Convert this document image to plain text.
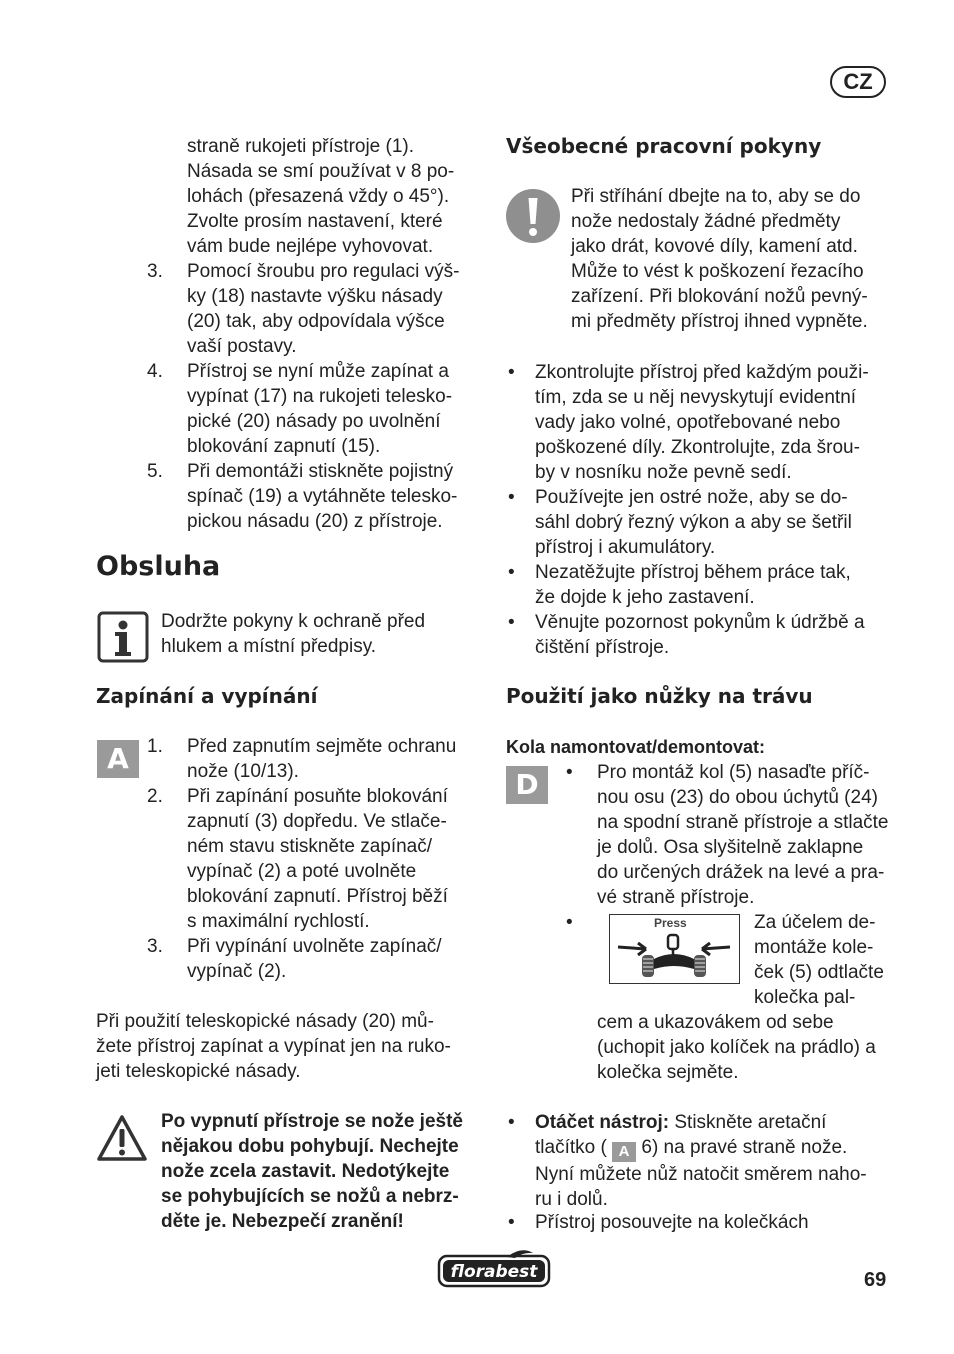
CZ
straně rukojeti přístroje (1).
Násada se smí používat v 8 po-
lohách (přesazená vždy o 45°).
Zvolte prosím nastavení, které
vám bude nejlépe vyhovovat.
3. Pomocí šroubu pro regulaci výš-
ky (18) nastavte výšku násady
(20) tak, aby odpovídala výšce
vaší postavy.
4. Přístroj se nyní může zapínat a
vypínat (17) na rukojeti telesko-
pické (20) násady po uvolnění
blokování zapnutí (15).
5. Při demontáži stiskněte pojistný
spínač (19) a vytáhněte telesko-
pickou násadu (20) z přístroje.
Obsluha
Dodržte pokyny k ochraně před
hlukem a místní předpisy.
Zapínání a vypínání
A 1. Před zapnutím sejměte ochranu
nože (10/13).
2. Při zapínání posuňte blokování
zapnutí (3) dopředu. Ve stlače-
ném stavu stiskněte zapínač/
vypínač (2) a poté uvolněte
blokování zapnutí. Přístroj běží
s maximální rychlostí.
3. Při vypínání uvolněte zapínač/
vypínač (2).
Při použití teleskopické násady (20) mů-
žete přístroj zapínat a vypínat jen na ruko-
jeti teleskopické násady.
Po vypnutí přístroje se nože ještě
nějakou dobu pohybují. Nechejte
nože zcela zastavit. Nedotýkejte
se pohybujících se nožů a nebrz-
děte je. Nebezpečí zranění!
Všeobecné pracovní pokyny
Při stříhání dbejte na to, aby se do
nože nedostaly žádné předměty
jako drát, kovové díly, kamení atd.
Může to vést k poškození řezacího
zařízení. Při blokování nožů pevný-
mi předměty přístroj ihned vypněte.
• Zkontrolujte přístroj před každým použi-
tím, zda se u něj nevyskytují evidentní
vady jako volné, opotřebované nebo
poškozené díly. Zkontrolujte, zda šrou-
by v nosníku nože pevně sedí.
• Používejte jen ostré nože, aby se do-
sáhl dobrý řezný výkon a aby se šetřil
přístroj i akumulátory.
• Nezatěžujte přístroj během práce tak,
že dojde k jeho zastavení.
• Věnujte pozornost pokynům k údržbě a
čištění přístroje.
Použití jako nůžky na trávu
Kola namontovat/demontovat:
D	• Pro montáž kol (5) nasaďte příč-
nou osu (23) do obou úchytů (24)
na spodní straně přístroje a stlačte
je dolů. Osa slyšitelně zaklapne
do určených drážek na levé a pra-
vé straně přístroje.
•	Press	Za účelem de-
montáže kole-
ček (5) odtlačte
kolečka pal-
cem a ukazovákem od sebe
(uchopit jako kolíček na prádlo) a
kolečka sejměte.
• Otáčet nástroj: Stiskněte aretační
tlačítko ( A 6) na pravé straně nože.
Nyní můžete nůž natočit směrem naho-
ru i dolů.
• Přístroj posouvejte na kolečkách
florabest	69
